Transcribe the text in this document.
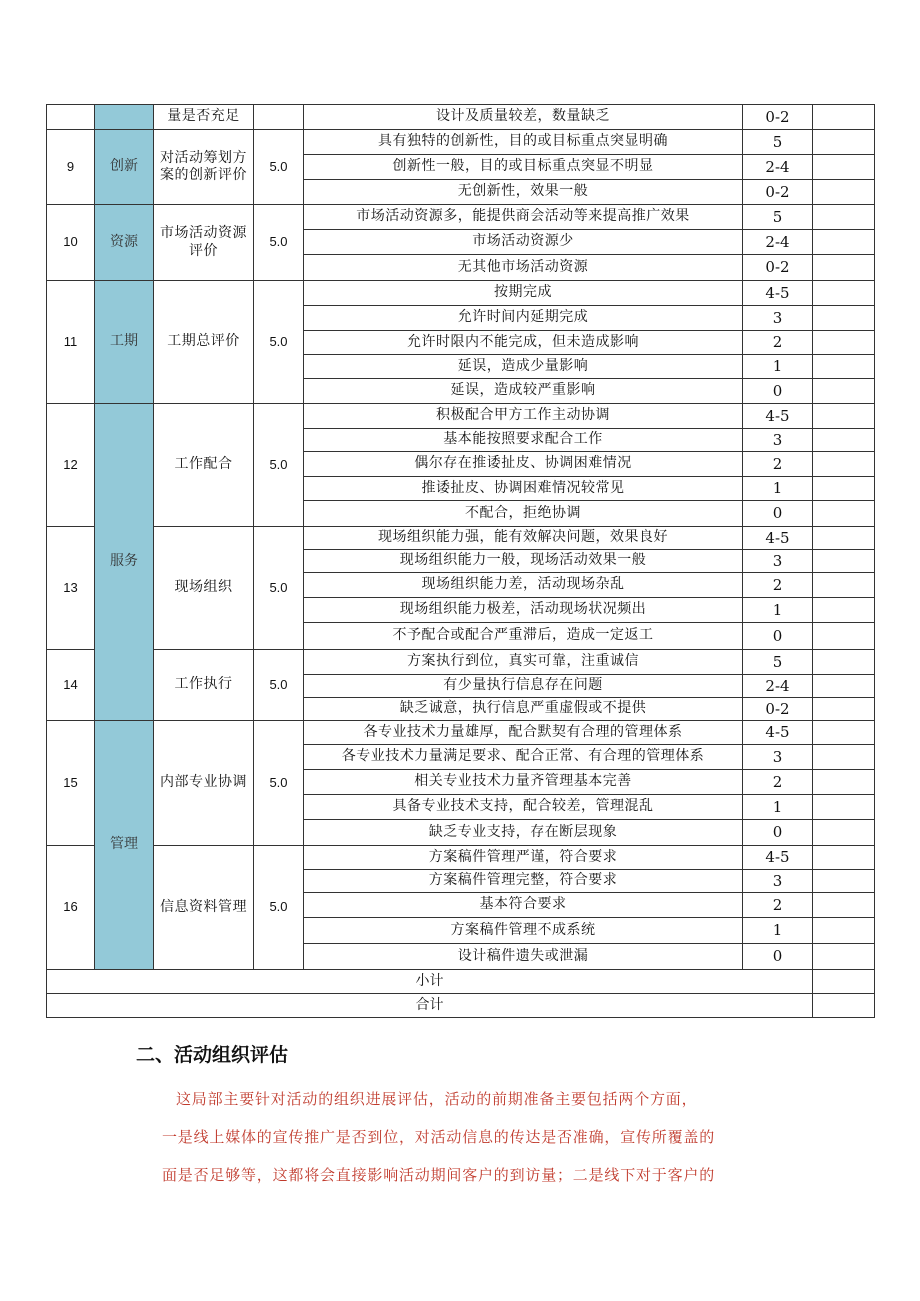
		量是否充足		设计及质量较差，数量缺乏	0-2	
9	创新	对活动筹划方案的创新评价	5.0	具有独特的创新性，目的或目标重点突显明确	5	
				创新性一般，目的或目标重点突显不明显	2-4	
				无创新性，效果一般	0-2	
10	资源	市场活动资源评价	5.0	市场活动资源多，能提供商会活动等来提高推广效果	5	
				市场活动资源少	2-4	
				无其他市场活动资源	0-2	
11	工期	工期总评价	5.0	按期完成	4-5	
				允许时间内延期完成	3	
				允许时限内不能完成，但未造成影响	2	
				延误，造成少量影响	1	
				延误，造成较严重影响	0	
12	服务	工作配合	5.0	积极配合甲方工作主动协调	4-5	
				基本能按照要求配合工作	3	
				偶尔存在推诿扯皮、协调困难情况	2	
				推诿扯皮、协调困难情况较常见	1	
				不配合，拒绝协调	0	
13		现场组织	5.0	现场组织能力强，能有效解决问题，效果良好	4-5	
				现场组织能力一般，现场活动效果一般	3	
				现场组织能力差，活动现场杂乱	2	
				现场组织能力极差，活动现场状况频出	1	
				不予配合或配合严重滞后，造成一定返工	0	
14		工作执行	5.0	方案执行到位，真实可靠，注重诚信	5	
				有少量执行信息存在问题	2-4	
				缺乏诚意，执行信息严重虚假或不提供	0-2	
15	管理	内部专业协调	5.0	各专业技术力量雄厚，配合默契有合理的管理体系	4-5	
				各专业技术力量满足要求、配合正常、有合理的管理体系	3	
				相关专业技术力量齐管理基本完善	2	
				具备专业技术支持，配合较差，管理混乱	1	
				缺乏专业支持，存在断层现象	0	
16		信息资料管理	5.0	方案稿件管理严谨，符合要求	4-5	
				方案稿件管理完整，符合要求	3	
				基本符合要求	2	
				方案稿件管理不成系统	1	
				设计稿件遗失或泄漏	0	
小计						
合计						
二、活动组织评估

这局部主要针对活动的组织进展评估，活动的前期准备主要包括两个方面，

一是线上媒体的宣传推广是否到位，对活动信息的传达是否准确，宣传所覆盖的

面是否足够等，这都将会直接影响活动期间客户的到访量；二是线下对于客户的
